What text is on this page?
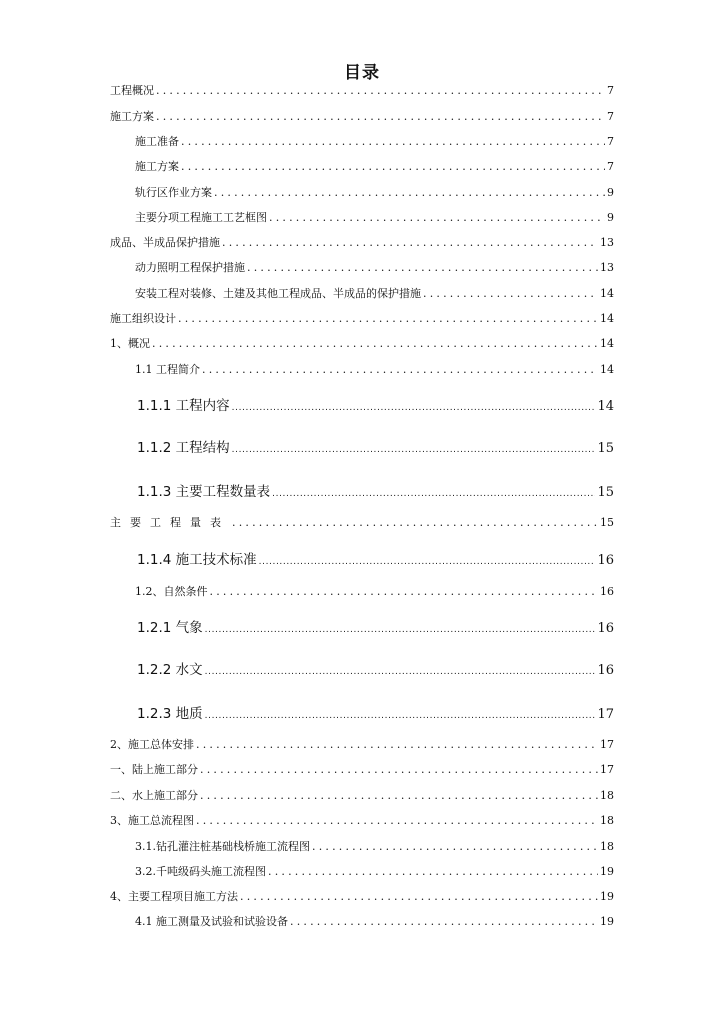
目录
工程概况 .....	7
施工方案 .....	7
施工准备 .....	7
施工方案 .....	7
轨行区作业方案 .....	9
主要分项工程施工工艺框图 .....	9
成品、半成品保护措施 .....	13
动力照明工程保护措施 .....	13
安装工程对装修、土建及其他工程成品、半成品的保护措施 .....	14
施工组织设计 .....	14
1、概况 .....	14
1.1 工程简介 .....	14
1.1.1 工程内容 .....	14
1.1.2 工程结构 .....	15
1.1.3 主要工程数量表 .....	15
主要工程量表 .....	15
1.1.4 施工技术标准 .....	16
1.2、自然条件 .....	16
1.2.1 气象 .....	16
1.2.2 水文 .....	16
1.2.3 地质 .....	17
2、施工总体安排 .....	17
一、陆上施工部分 .....	17
二、水上施工部分 .....	18
3、施工总流程图 .....	18
3.1.钻孔灌注桩基础栈桥施工流程图 .....	18
3.2.千吨级码头施工流程图 .....	19
4、主要工程项目施工方法 .....	19
4.1 施工测量及试验和试验设备 .....	19
